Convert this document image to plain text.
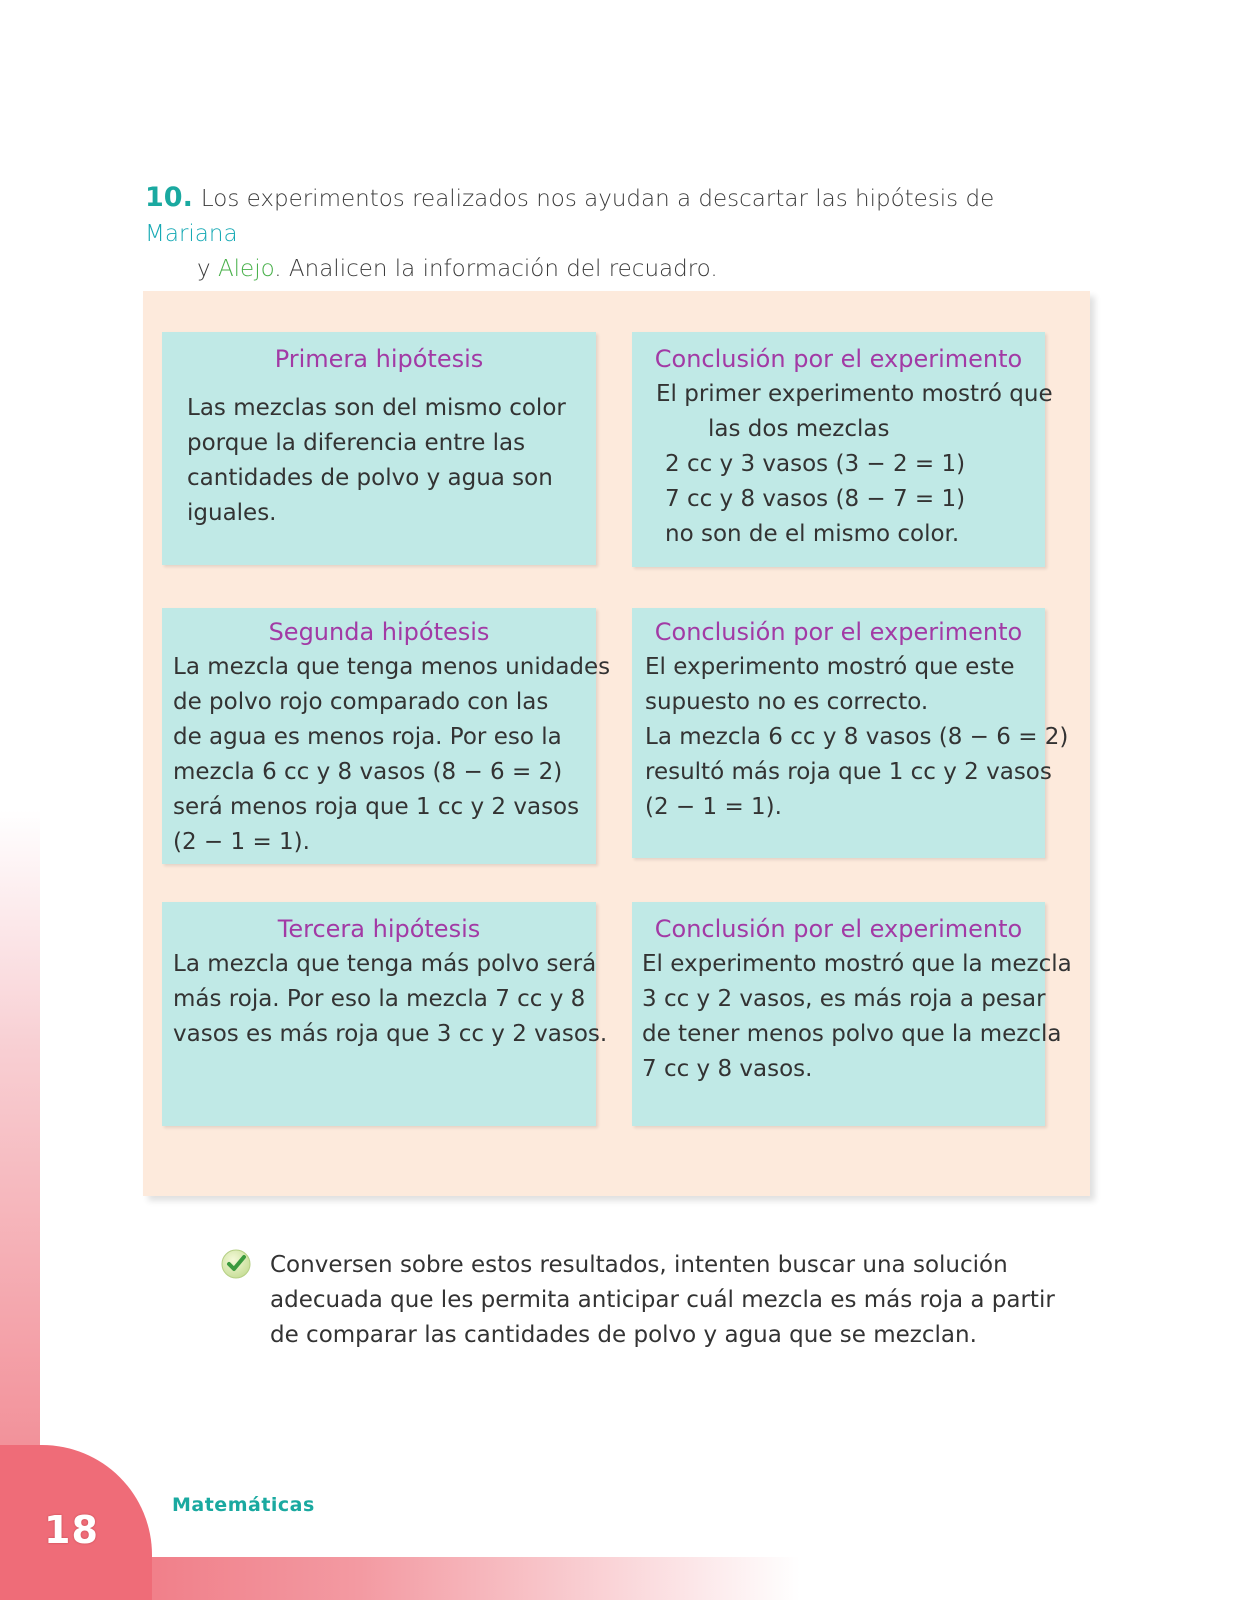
18
Matemáticas
10. Los experimentos realizados nos ayudan a descartar las hipótesis de Mariana
y Alejo. Analicen la información del recuadro.
Primera hipótesis
Las mezclas son del mismo color
porque la diferencia entre las
cantidades de polvo y agua son
iguales.
Conclusión por el experimento
El primer experimento mostró que
las dos mezclas
2 cc y 3 vasos (3 − 2 = 1)
7 cc y 8 vasos (8 − 7 = 1)
no son de el mismo color.
Segunda hipótesis
La mezcla que tenga menos unidades
de polvo rojo comparado con las
de agua es menos roja. Por eso la
mezcla 6 cc y 8 vasos (8 − 6 = 2)
será menos roja que 1 cc y 2 vasos
(2 − 1 = 1).
Conclusión por el experimento
El experimento mostró que este
supuesto no es correcto.
La mezcla 6 cc y 8 vasos (8 − 6 = 2)
resultó más roja que 1 cc y 2 vasos
(2 − 1 = 1).
Tercera hipótesis
La mezcla que tenga más polvo será
más roja. Por eso la mezcla 7 cc y 8
vasos es más roja que 3 cc y 2 vasos.
Conclusión por el experimento
El experimento mostró que la mezcla
3 cc y 2 vasos, es más roja a pesar
de tener menos polvo que la mezcla
7 cc y 8 vasos.
Conversen sobre estos resultados, intenten buscar una solución
adecuada que les permita anticipar cuál mezcla es más roja a partir
de comparar las cantidades de polvo y agua que se mezclan.
